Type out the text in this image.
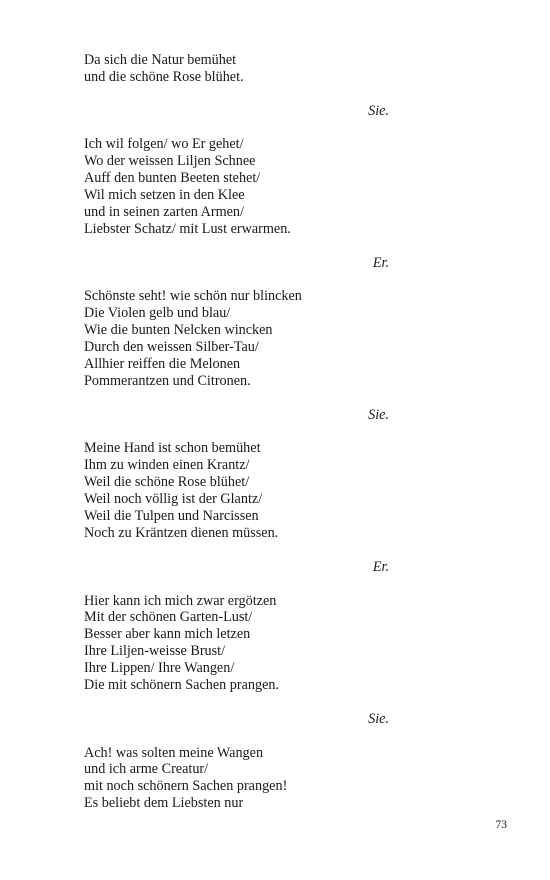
Da sich die Natur bemühet
und die schöne Rose blühet.
Sie.
Ich wil folgen/ wo Er gehet/
Wo der weissen Liljen Schnee
Auff den bunten Beeten stehet/
Wil mich setzen in den Klee
und in seinen zarten Armen/
Liebster Schatz/ mit Lust erwarmen.
Er.
Schönste seht! wie schön nur blincken
Die Violen gelb und blau/
Wie die bunten Nelcken wincken
Durch den weissen Silber-Tau/
Allhier reiffen die Melonen
Pommerantzen und Citronen.
Sie.
Meine Hand ist schon bemühet
Ihm zu winden einen Krantz/
Weil die schöne Rose blühet/
Weil noch völlig ist der Glantz/
Weil die Tulpen und Narcissen
Noch zu Kräntzen dienen müssen.
Er.
Hier kann ich mich zwar ergötzen
Mit der schönen Garten-Lust/
Besser aber kann mich letzen
Ihre Liljen-weisse Brust/
Ihre Lippen/ Ihre Wangen/
Die mit schönern Sachen prangen.
Sie.
Ach! was solten meine Wangen
und ich arme Creatur/
mit noch schönern Sachen prangen!
Es beliebt dem Liebsten nur
73
